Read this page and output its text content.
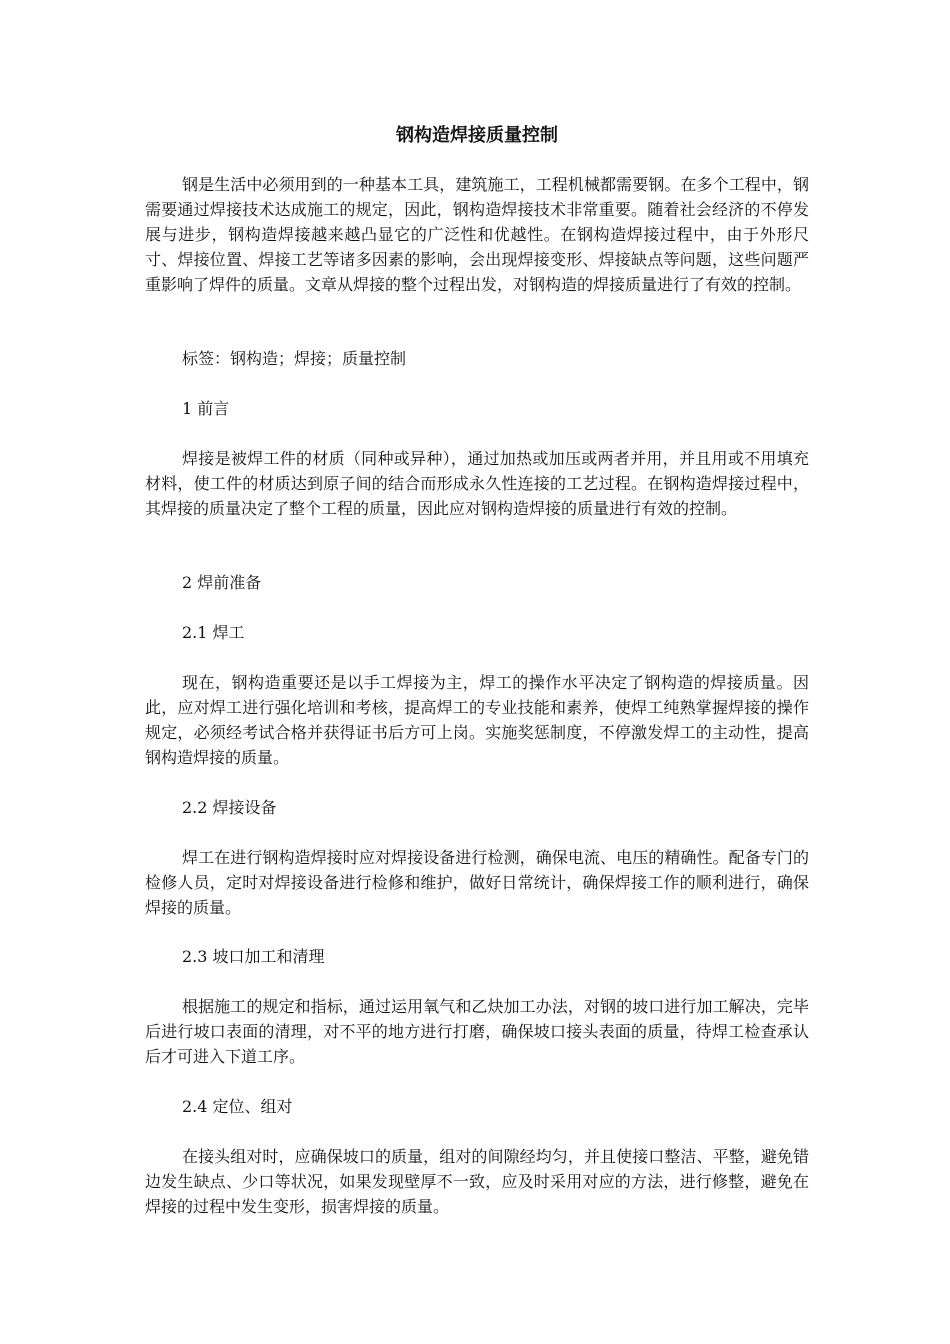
钢构造焊接质量控制

钢是生活中必须用到的一种基本工具，建筑施工，工程机械都需要钢。在多个工程中，钢需要通过焊接技术达成施工的规定，因此，钢构造焊接技术非常重要。随着社会经济的不停发展与进步，钢构造焊接越来越凸显它的广泛性和优越性。在钢构造焊接过程中，由于外形尺寸、焊接位置、焊接工艺等诸多因素的影响，会出现焊接变形、焊接缺点等问题，这些问题严重影响了焊件的质量。文章从焊接的整个过程出发，对钢构造的焊接质量进行了有效的控制。

标签：钢构造；焊接；质量控制

1 前言

焊接是被焊工件的材质（同种或异种），通过加热或加压或两者并用，并且用或不用填充材料，使工件的材质达到原子间的结合而形成永久性连接的工艺过程。在钢构造焊接过程中，其焊接的质量决定了整个工程的质量，因此应对钢构造焊接的质量进行有效的控制。

2 焊前准备

2.1 焊工

现在，钢构造重要还是以手工焊接为主，焊工的操作水平决定了钢构造的焊接质量。因此，应对焊工进行强化培训和考核，提高焊工的专业技能和素养，使焊工纯熟掌握焊接的操作规定，必须经考试合格并获得证书后方可上岗。实施奖惩制度，不停激发焊工的主动性，提高钢构造焊接的质量。

2.2 焊接设备

焊工在进行钢构造焊接时应对焊接设备进行检测，确保电流、电压的精确性。配备专门的检修人员，定时对焊接设备进行检修和维护，做好日常统计，确保焊接工作的顺利进行，确保焊接的质量。

2.3 坡口加工和清理

根据施工的规定和指标，通过运用氧气和乙炔加工办法，对钢的坡口进行加工解决，完毕后进行坡口表面的清理，对不平的地方进行打磨，确保坡口接头表面的质量，待焊工检查承认后才可进入下道工序。

2.4 定位、组对

在接头组对时，应确保坡口的质量，组对的间隙经均匀，并且使接口整洁、平整，避免错边发生缺点、少口等状况，如果发现壁厚不一致，应及时采用对应的方法，进行修整，避免在焊接的过程中发生变形，损害焊接的质量。
